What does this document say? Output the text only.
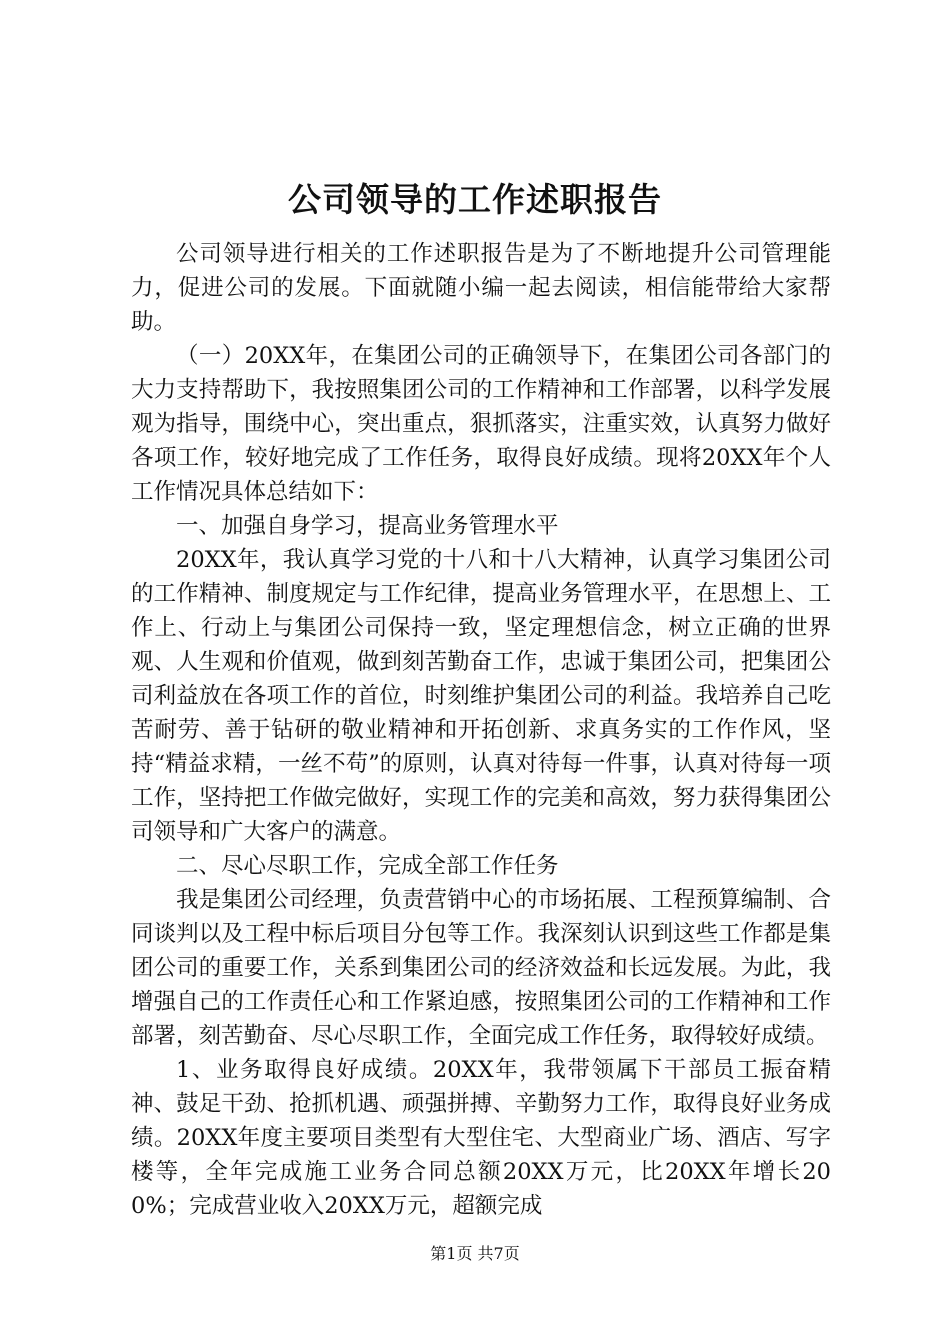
公司领导的工作述职报告

公司领导进行相关的工作述职报告是为了不断地提升公司管理能力，促进公司的发展。下面就随小编一起去阅读，相信能带给大家帮助。

（一）20XX年，在集团公司的正确领导下，在集团公司各部门的大力支持帮助下，我按照集团公司的工作精神和工作部署，以科学发展观为指导，围绕中心，突出重点，狠抓落实，注重实效，认真努力做好各项工作，较好地完成了工作任务，取得良好成绩。现将20XX年个人工作情况具体总结如下：

一、加强自身学习，提高业务管理水平

20XX年，我认真学习党的十八和十八大精神，认真学习集团公司的工作精神、制度规定与工作纪律，提高业务管理水平，在思想上、工作上、行动上与集团公司保持一致，坚定理想信念，树立正确的世界观、人生观和价值观，做到刻苦勤奋工作，忠诚于集团公司，把集团公司利益放在各项工作的首位，时刻维护集团公司的利益。我培养自己吃苦耐劳、善于钻研的敬业精神和开拓创新、求真务实的工作作风，坚持“精益求精，一丝不苟”的原则，认真对待每一件事，认真对待每一项工作，坚持把工作做完做好，实现工作的完美和高效，努力获得集团公司领导和广大客户的满意。

二、尽心尽职工作，完成全部工作任务

我是集团公司经理，负责营销中心的市场拓展、工程预算编制、合同谈判以及工程中标后项目分包等工作。我深刻认识到这些工作都是集团公司的重要工作，关系到集团公司的经济效益和长远发展。为此，我增强自己的工作责任心和工作紧迫感，按照集团公司的工作精神和工作部署，刻苦勤奋、尽心尽职工作，全面完成工作任务，取得较好成绩。

1、业务取得良好成绩。20XX年，我带领属下干部员工振奋精神、鼓足干劲、抢抓机遇、顽强拼搏、辛勤努力工作，取得良好业务成绩。20XX年度主要项目类型有大型住宅、大型商业广场、酒店、写字楼等，全年完成施工业务合同总额20XX万元，比20XX年增长200%；完成营业收入20XX万元，超额完成

第1页 共7页
